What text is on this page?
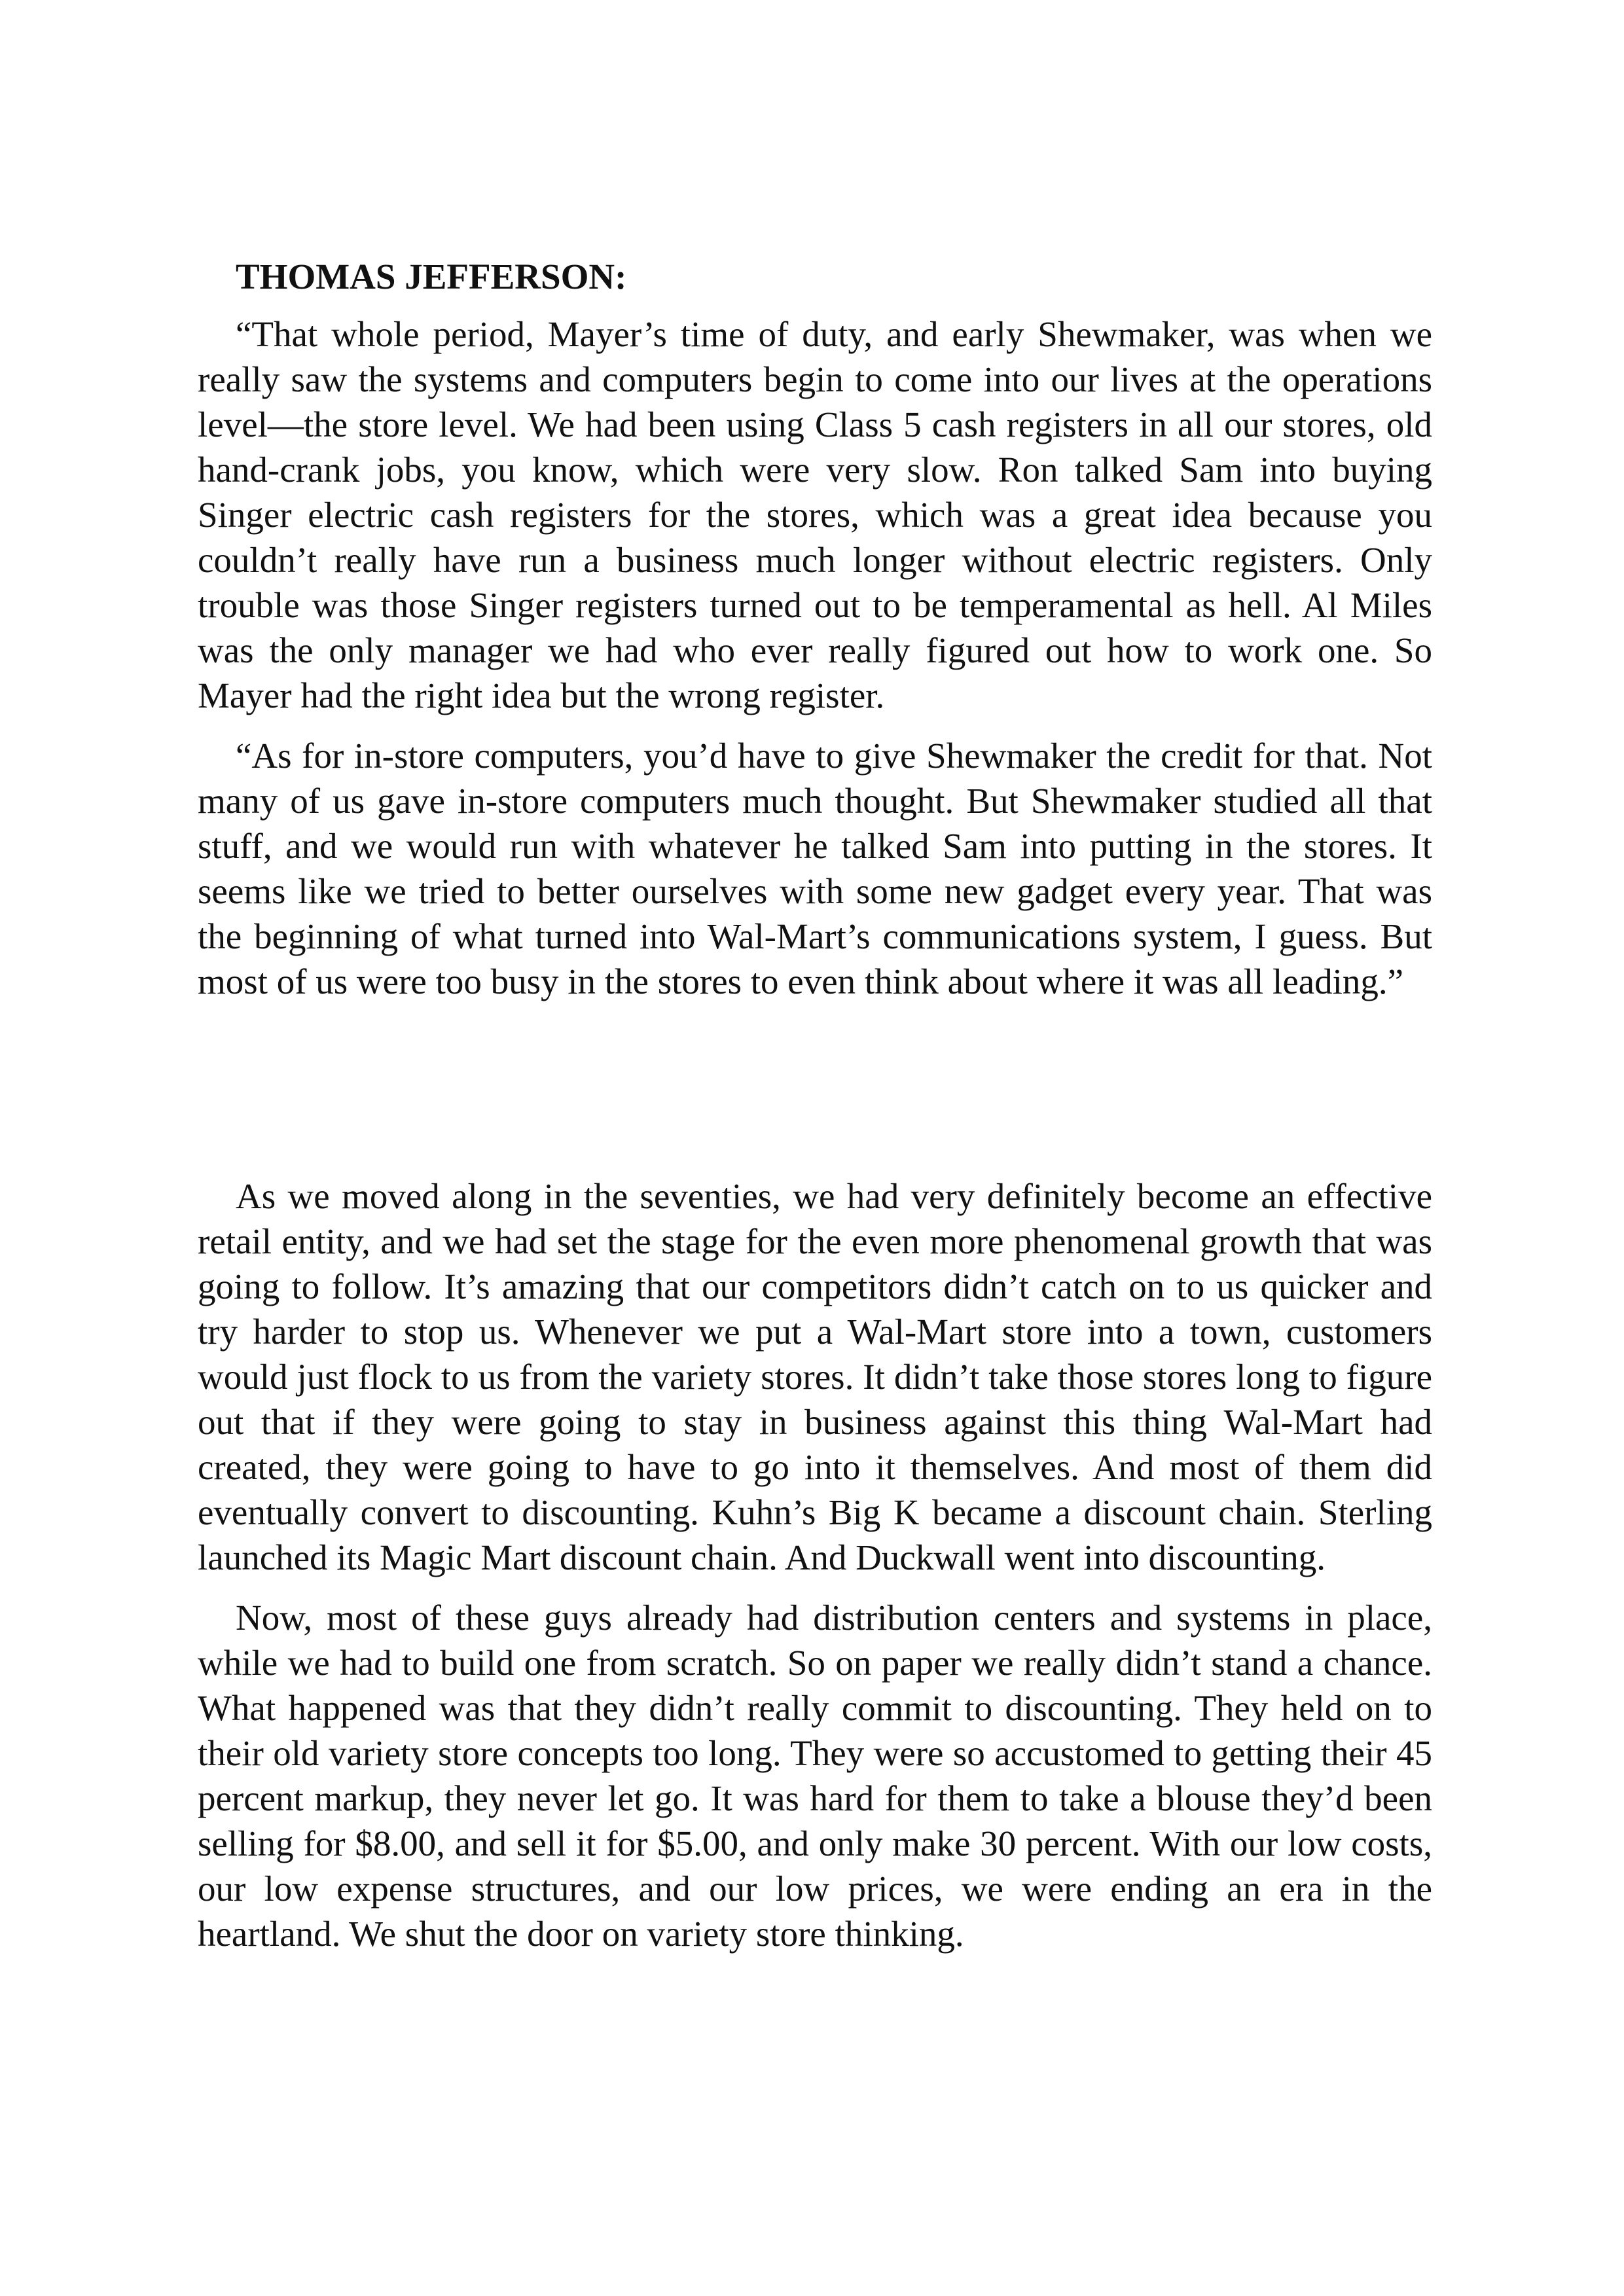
THOMAS JEFFERSON:

“That whole period, Mayer’s time of duty, and early Shewmaker, was when we really saw the systems and computers begin to come into our lives at the operations level—the store level. We had been using Class 5 cash registers in all our stores, old hand-crank jobs, you know, which were very slow. Ron talked Sam into buying Singer electric cash registers for the stores, which was a great idea because you couldn’t really have run a business much longer without electric registers. Only trouble was those Singer registers turned out to be temperamental as hell. Al Miles was the only manager we had who ever really figured out how to work one. So Mayer had the right idea but the wrong register.

“As for in-store computers, you’d have to give Shewmaker the credit for that. Not many of us gave in-store computers much thought. But Shewmaker studied all that stuff, and we would run with whatever he talked Sam into putting in the stores. It seems like we tried to better ourselves with some new gadget every year. That was the beginning of what turned into Wal-Mart’s communications system, I guess. But most of us were too busy in the stores to even think about where it was all leading.”

As we moved along in the seventies, we had very definitely become an effective retail entity, and we had set the stage for the even more phenomenal growth that was going to follow. It’s amazing that our competitors didn’t catch on to us quicker and try harder to stop us. Whenever we put a Wal-Mart store into a town, customers would just flock to us from the variety stores. It didn’t take those stores long to figure out that if they were going to stay in business against this thing Wal-Mart had created, they were going to have to go into it themselves. And most of them did eventually convert to discounting. Kuhn’s Big K became a discount chain. Sterling launched its Magic Mart discount chain. And Duckwall went into discounting.

Now, most of these guys already had distribution centers and systems in place, while we had to build one from scratch. So on paper we really didn’t stand a chance. What happened was that they didn’t really commit to discounting. They held on to their old variety store concepts too long. They were so accustomed to getting their 45 percent markup, they never let go. It was hard for them to take a blouse they’d been selling for $8.00, and sell it for $5.00, and only make 30 percent. With our low costs, our low expense structures, and our low prices, we were ending an era in the heartland. We shut the door on variety store thinking.
